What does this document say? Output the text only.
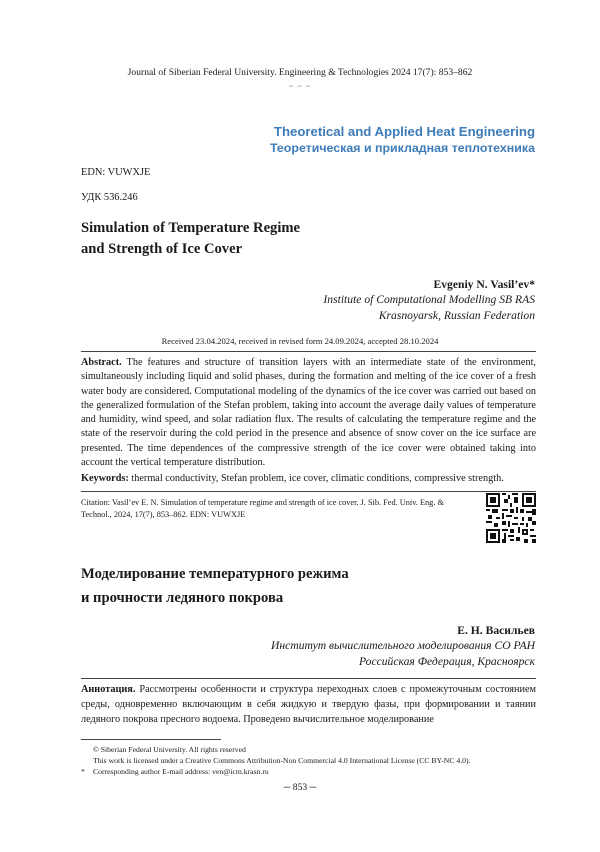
Journal of Siberian Federal University. Engineering & Technologies 2024 17(7): 853–862
~ ~ ~
Theoretical and Applied Heat Engineering
Теоретическая и прикладная теплотехника
EDN: VUWXJE
УДК 536.246
Simulation of Temperature Regime
and Strength of Ice Cover
Evgeniy N. Vasil’ev*
Institute of Computational Modelling SB RAS
Krasnoyarsk, Russian Federation
Received 23.04.2024, received in revised form 24.09.2024, accepted 28.10.2024
Abstract. The features and structure of transition layers with an intermediate state of the environment, simultaneously including liquid and solid phases, during the formation and melting of the ice cover of a fresh water body are considered. Computational modeling of the dynamics of the ice cover was carried out based on the generalized formulation of the Stefan problem, taking into account the average daily values of temperature and humidity, wind speed, and solar radiation flux. The results of calculating the temperature regime and the state of the reservoir during the cold period in the presence and absence of snow cover on the ice surface are presented. The time dependences of the compressive strength of the ice cover were obtained taking into account the vertical temperature distribution.
Keywords: thermal conductivity, Stefan problem, ice cover, climatic conditions, compressive strength.
Citation: Vasil’ev E. N. Simulation of temperature regime and strength of ice cover. J. Sib. Fed. Univ. Eng. & Technol., 2024, 17(7), 853–862. EDN: VUWXJE
Моделирование температурного режима
и прочности ледяного покрова
Е. Н. Васильев
Институт вычислительного моделирования СО РАН
Российская Федерация, Красноярск
Аннотация. Рассмотрены особенности и структура переходных слоев с промежуточным состоянием среды, одновременно включающим в себя жидкую и твердую фазы, при формировании и таянии ледяного покрова пресного водоема. Проведено вычислительное моделирование
© Siberian Federal University. All rights reserved
This work is licensed under a Creative Commons Attribution-Non Commercial 4.0 International License (CC BY-NC 4.0).
*	Corresponding author E-mail address: ven@icm.krasn.ru
─ 853 ─
